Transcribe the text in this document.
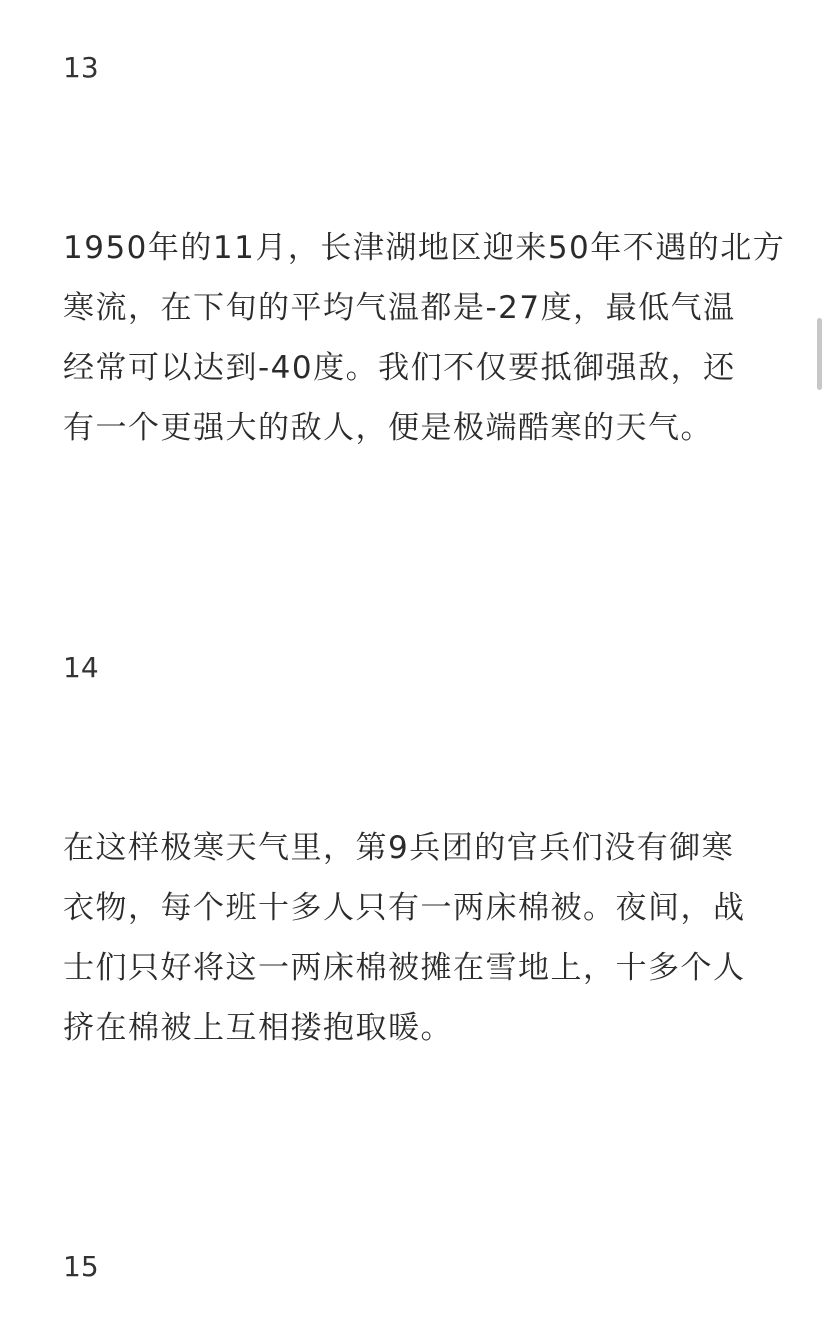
13

1950年的11月，长津湖地区迎来50年不遇的北方
寒流，在下旬的平均气温都是-27度，最低气温
经常可以达到-40度。我们不仅要抵御强敌，还
有一个更强大的敌人，便是极端酷寒的天气。

14

在这样极寒天气里，第9兵团的官兵们没有御寒
衣物，每个班十多人只有一两床棉被。夜间，战
士们只好将这一两床棉被摊在雪地上，十多个人
挤在棉被上互相搂抱取暖。

15
